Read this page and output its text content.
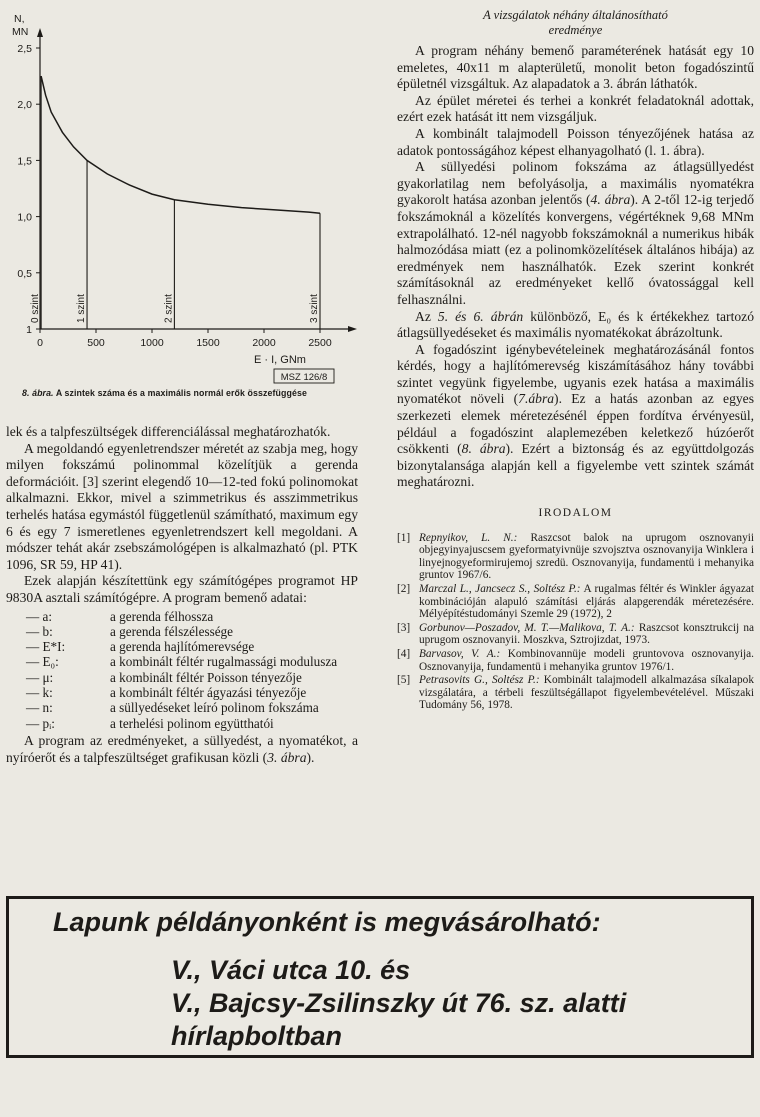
2,5
2,0
1,5
1,0
0,5
1
0	500	1000	1500	2000	2500
N,
MN
E · I, GNm
MSZ 126/8
0 szint	1 szint	2 szint	3 szint
8. ábra. A szintek száma és a maximális normál erők összefüggése

lek és a talpfeszültségek differenciálással meghatározhatók.

A megoldandó egyenletrendszer méretét az szabja meg, hogy milyen fokszámú polinommal közelítjük a gerenda deformációit. [3] szerint elegendő 10—12-ted fokú polinomokat alkalmazni. Ekkor, mivel a szimmetrikus és asszimmetrikus terhelés hatása egymástól függetlenül számítható, maximum egy 6 és egy 7 ismeretlenes egyenletrendszert kell megoldani. A módszer tehát akár zsebszámológépen is alkalmazható (pl. PTK 1096, SR 59, HP 41).

Ezek alapján készítettünk egy számítógépes programot HP 9830A asztali számítógépre. A program bemenő adatai:

— a:	a gerenda félhossza
— b:	a gerenda félszélessége
— E*I:	a gerenda hajlítómerevsége
— E₀:	a kombinált féltér rugalmassági modulusza
— μ:	a kombinált féltér Poisson tényezője
— k:	a kombinált féltér ágyazási tényezője
— n:	a süllyedéseket leíró polinom fokszáma
— pᵢ:	a terhelési polinom együtthatói

A program az eredményeket, a süllyedést, a nyomatékot, a nyíróerőt és a talpfeszültséget grafikusan közli (3. ábra).

A vizsgálatok néhány általánosítható
eredménye

A program néhány bemenő paraméterének hatását egy 10 emeletes, 40x11 m alapterületű, monolit beton fogadószintű épületnél vizsgáltuk. Az alapadatok a 3. ábrán láthatók.

Az épület méretei és terhei a konkrét feladatoknál adottak, ezért ezek hatását itt nem vizsgáljuk.

A kombinált talajmodell Poisson tényezőjének hatása az adatok pontosságához képest elhanyagolható (l. 1. ábra).

A süllyedési polinom fokszáma az átlagsüllyedést gyakorlatilag nem befolyásolja, a maximális nyomatékra gyakorolt hatása azonban jelentős (4. ábra). A 2-től 12-ig terjedő fokszámoknál a közelítés konvergens, végértéknek 9,68 MNm extrapolálható. 12-nél nagyobb fokszámoknál a numerikus hibák halmozódása miatt (ez a polinomközelítések általános hibája) az eredmények nem használhatók. Ezek szerint konkrét számításoknál az eredményeket kellő óvatossággal kell felhasználni.

Az 5. és 6. ábrán különböző, E₀ és k értékekhez tartozó átlagsüllyedéseket és maximális nyomatékokat ábrázoltunk.

A fogadószint igénybevételeinek meghatározásánál fontos kérdés, hogy a hajlítómerevség kiszámításához hány további szintet vegyünk figyelembe, ugyanis ezek hatása a maximális nyomatékot növeli (7.ábra). Ez a hatás azonban az egyes szerkezeti elemek méretezésénél éppen fordítva érvényesül, például a fogadószint alaplemezében keletkező húzóerőt csökkenti (8. ábra). Ezért a biztonság és az együttdolgozás bizonytalansága alapján kell a figyelembe vett szintek számát meghatározni.

IRODALOM
[1] Repnyikov, L. N.: Raszcsot balok na uprugom osznovanyii objegyinyajuscsem gyeformatyivnüje szvojsztva osznovanyija Winklera i linyejnogyeformirujemoj szredü. Osznovanyija, fundamentü i mehanyika gruntov 1967/6.
[2] Marczal L., Jancsecz S., Soltész P.: A rugalmas féltér és Winkler ágyazat kombinációján alapuló számítási eljárás alapgerendák méretezésére. Mélyépítéstudományi Szemle 29 (1972), 2
[3] Gorbunov—Poszadov, M. T.—Malikova, T. A.: Raszcsot konsztrukcij na uprugom osznovanyii. Moszkva, Sztrojizdat, 1973.
[4] Barvasov, V. A.: Kombinovannüje modeli gruntovova osznovanyija. Osznovanyija, fundamentü i mehanyika gruntov 1976/1.
[5] Petrasovits G., Soltész P.: Kombinált talajmodell alkalmazása síkalapok vizsgálatára, a térbeli feszültségállapot figyelembevételével. Műszaki Tudomány 56, 1978.
Lapunk példányonként is megvásárolható:
V., Váci utca 10. és
V., Bajcsy-Zsilinszky út 76. sz. alatti
hírlapboltban
